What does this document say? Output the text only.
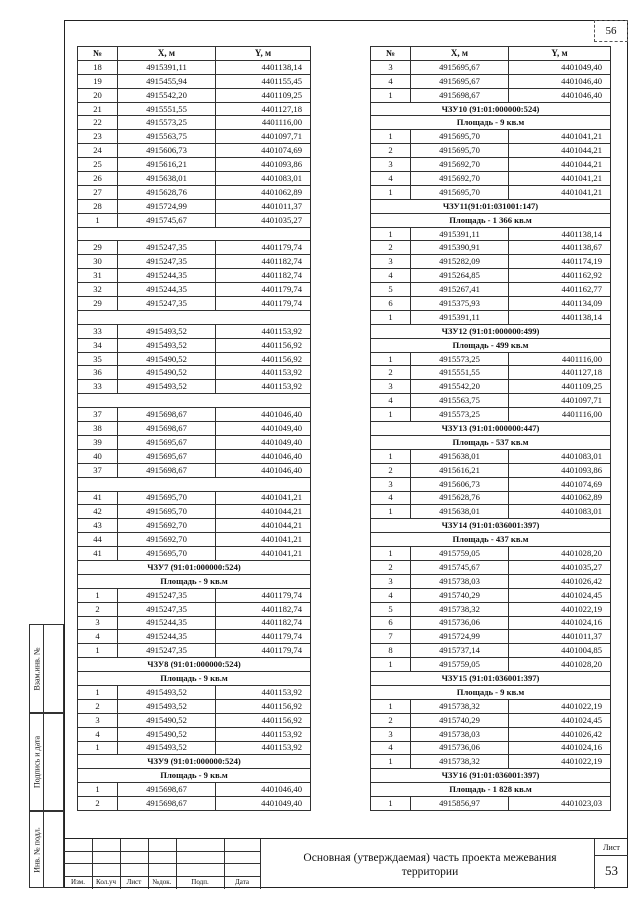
56
№	X, м	Y, м
18	4915391,11	4401138,14
19	4915455,94	4401155,45
20	4915542,20	4401109,25
21	4915551,55	4401127,18
22	4915573,25	4401116,00
23	4915563,75	4401097,71
24	4915606,73	4401074,69
25	4915616,21	4401093,86
26	4915638,01	4401083,01
27	4915628,76	4401062,89
28	4915724,99	4401011,37
1	4915745,67	4401035,27

29	4915247,35	4401179,74
30	4915247,35	4401182,74
31	4915244,35	4401182,74
32	4915244,35	4401179,74
29	4915247,35	4401179,74

33	4915493,52	4401153,92
34	4915493,52	4401156,92
35	4915490,52	4401156,92
36	4915490,52	4401153,92
33	4915493,52	4401153,92

37	4915698,67	4401046,40
38	4915698,67	4401049,40
39	4915695,67	4401049,40
40	4915695,67	4401046,40
37	4915698,67	4401046,40

41	4915695,70	4401041,21
42	4915695,70	4401044,21
43	4915692,70	4401044,21
44	4915692,70	4401041,21
41	4915695,70	4401041,21
ЧЗУ7 (91:01:000000:524)		
Площадь - 9 кв.м		
1	4915247,35	4401179,74
2	4915247,35	4401182,74
3	4915244,35	4401182,74
4	4915244,35	4401179,74
1	4915247,35	4401179,74
ЧЗУ8 (91:01:000000:524)		
Площадь - 9 кв.м		
1	4915493,52	4401153,92
2	4915493,52	4401156,92
3	4915490,52	4401156,92
4	4915490,52	4401153,92
1	4915493,52	4401153,92
ЧЗУ9 (91:01:000000:524)		
Площадь - 9 кв.м		
1	4915698,67	4401046,40
2	4915698,67	4401049,40
№	X, м	Y, м
3	4915695,67	4401049,40
4	4915695,67	4401046,40
1	4915698,67	4401046,40
ЧЗУ10 (91:01:000000:524)		
Площадь - 9 кв.м		
1	4915695,70	4401041,21
2	4915695,70	4401044,21
3	4915692,70	4401044,21
4	4915692,70	4401041,21
1	4915695,70	4401041,21
ЧЗУ11(91:01:031001:147)		
Площадь - 1 366 кв.м		
1	4915391,11	4401138,14
2	4915390,91	4401138,67
3	4915282,09	4401174,19
4	4915264,85	4401162,92
5	4915267,41	4401162,77
6	4915375,93	4401134,09
1	4915391,11	4401138,14
ЧЗУ12 (91:01:000000:499)		
Площадь - 499 кв.м		
1	4915573,25	4401116,00
2	4915551,55	4401127,18
3	4915542,20	4401109,25
4	4915563,75	4401097,71
1	4915573,25	4401116,00
ЧЗУ13 (91:01:000000:447)		
Площадь - 537 кв.м		
1	4915638,01	4401083,01
2	4915616,21	4401093,86
3	4915606,73	4401074,69
4	4915628,76	4401062,89
1	4915638,01	4401083,01
ЧЗУ14 (91:01:036001:397)		
Площадь - 437 кв.м		
1	4915759,05	4401028,20
2	4915745,67	4401035,27
3	4915738,03	4401026,42
4	4915740,29	4401024,45
5	4915738,32	4401022,19
6	4915736,06	4401024,16
7	4915724,99	4401011,37
8	4915737,14	4401004,85
1	4915759,05	4401028,20
ЧЗУ15 (91:01:036001:397)		
Площадь - 9 кв.м		
1	4915738,32	4401022,19
2	4915740,29	4401024,45
3	4915738,03	4401026,42
4	4915736,06	4401024,16
1	4915738,32	4401022,19
ЧЗУ16 (91:01:036001:397)		
Площадь - 1 828 кв.м		
1	4915856,97	4401023,03
Взам.инв. №
Подпись и дата
Инв. № подл.
Изм.	Кол.уч	Лист	№док.	Подп.	Дата
Основная (утверждаемая) часть проекта межевания территории
Лист
53
